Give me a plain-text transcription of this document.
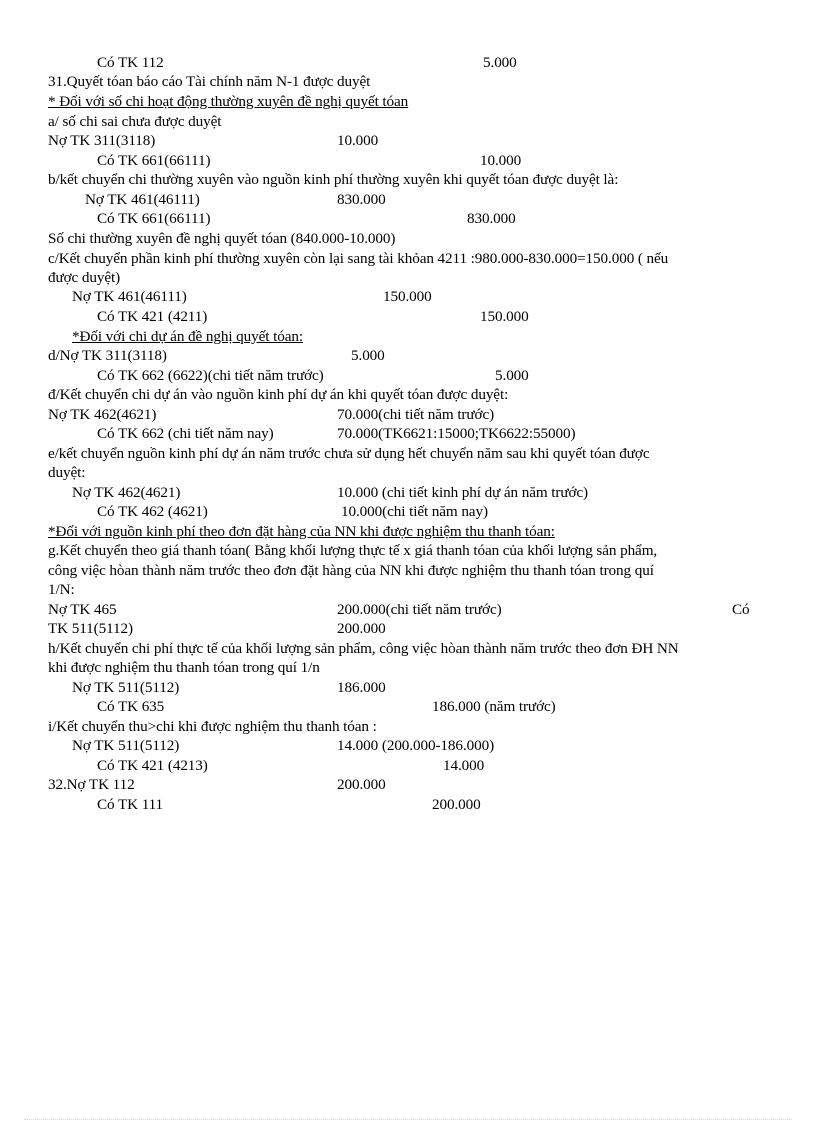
Có TK 112	5.000
31.Quyết tóan báo cáo Tài chính năm N-1 được duyệt
* Đối với số chi hoạt động thường xuyên đề nghị quyết tóan
a/ số chi sai chưa được duyệt
Nợ TK 311(3118)	10.000
Có TK 661(66111)	10.000
b/kết chuyển chi thường xuyên vào nguồn kinh phí thường xuyên khi quyết tóan được duyệt là:
Nợ TK 461(46111)	830.000
Có TK 661(66111)	830.000
Số chi thường xuyên đề nghị quyết tóan (840.000-10.000)
c/Kết chuyển phần kinh phí thường xuyên còn lại sang tài khỏan 4211 :980.000-830.000=150.000 ( nếu
được duyệt)
Nợ TK 461(46111)	150.000
Có TK 421 (4211)	150.000
*Đối với chi dự án đề nghị quyết tóan:
d/Nợ TK 311(3118)	5.000
Có TK 662 (6622)(chi tiết năm trước)	5.000
đ/Kết chuyển chi dự án vào nguồn kinh phí dự án khi quyết tóan được duyệt:
Nợ TK 462(4621)	70.000(chi tiết năm trước)
Có TK 662 (chi tiết năm nay)	70.000(TK6621:15000;TK6622:55000)
e/kết chuyển nguồn kinh phí dự án năm trước chưa sử dụng hết chuyển năm sau khi quyết tóan được
duyệt:
Nợ TK 462(4621)	10.000 (chi tiết kinh phí dự án năm trước)
Có TK 462 (4621)	10.000(chi tiết năm nay)
*Đối với nguồn kinh phí theo đơn đặt hàng của NN khi được nghiệm thu thanh tóan:
g.Kết chuyển theo giá thanh tóan( Bằng khối lượng thực tế x giá thanh tóan của khối lượng sản phẩm,
công việc hòan thành năm trước theo đơn đặt hàng của NN khi được nghiệm thu thanh tóan trong quí
1/N:
Nợ TK 465	200.000(chi tiết năm trước)	Có
TK 511(5112)	200.000
h/Kết chuyển chi phí thực tế của khối lượng sản phẩm, công việc hòan thành năm trước theo đơn ĐH NN
khi được nghiệm thu thanh tóan trong quí 1/n
Nợ TK 511(5112)	186.000
Có TK 635	186.000 (năm trước)
i/Kết chuyển thu>chi khi được nghiệm thu thanh tóan :
Nợ TK 511(5112)	14.000 (200.000-186.000)
Có TK 421 (4213)	14.000
32.Nợ TK 112	200.000
Có TK 111	200.000
